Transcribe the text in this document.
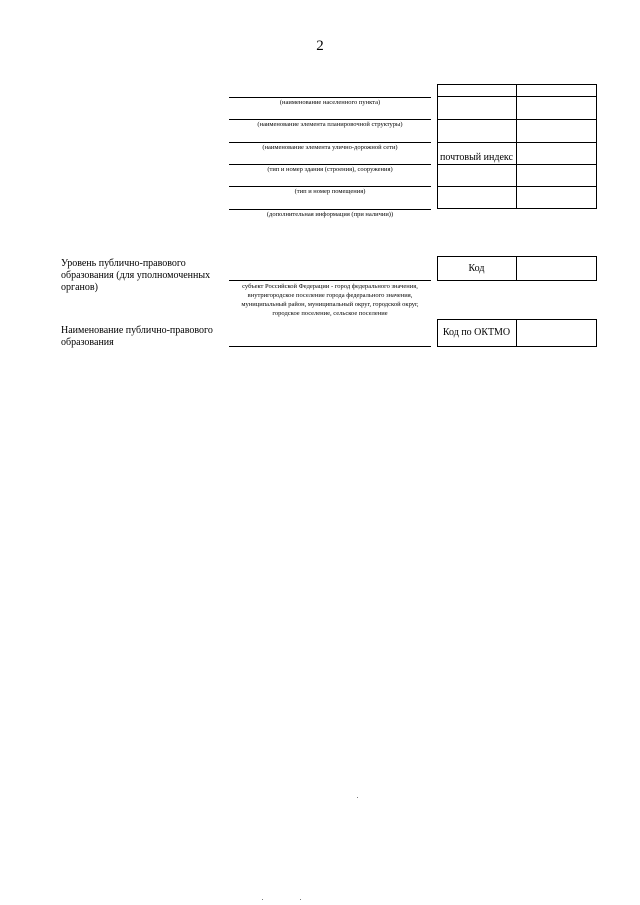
2
(наименование населенного пункта)
(наименование элемента планировочной структуры)
(наименование элемента улично-дорожной сети)
(тип и номер здания (строения), сооружения)
(тип и номер помещения)
(дополнительная информация (при наличии))
почтовый индекс
Уровень публично-правового образования (для уполномоченных органов)	субъект Российской Федерации - город федерального значения, внутригородское поселение города федерального значения, муниципальный район, муниципальный округ, городской округ, городское поселение, сельское поселение
Код
Наименование публично-правового образования
Код по ОКТМО
